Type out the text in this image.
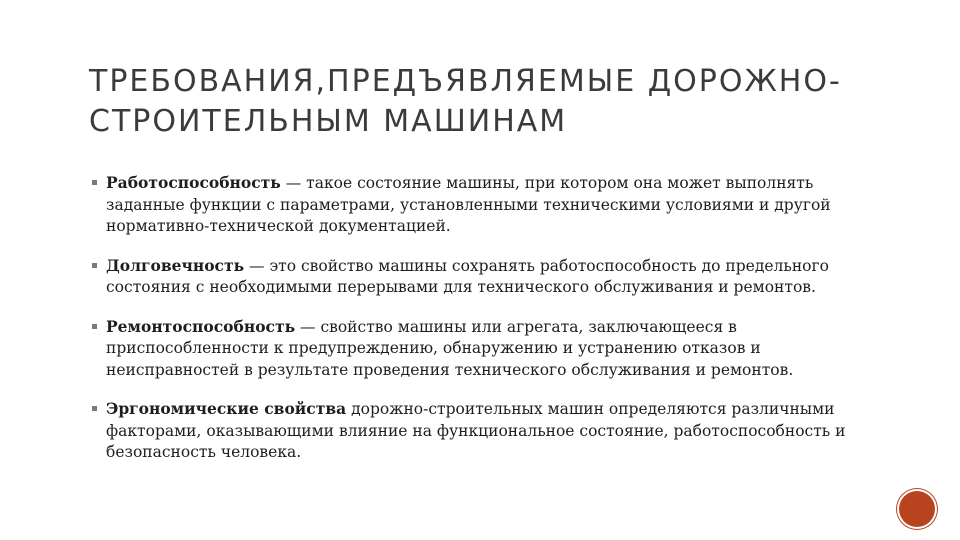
ТРЕБОВАНИЯ,ПРЕДЪЯВЛЯЕМЫЕ ДОРОЖНО-
СТРОИТЕЛЬНЫМ МАШИНАМ
Работоспособность — такое состояние машины, при котором она может выполнять заданные функции с параметрами, установленными техническими условиями и другой нормативно-технической документацией.
Долговечность — это свойство машины сохранять работоспособность до предельного состояния с необходимыми перерывами для технического обслуживания и ремонтов.
Ремонтоспособность — свойство машины или агрегата, заключающееся в приспособленности к предупреждению, обнаружению и устранению отказов и неисправностей в результате проведения технического обслуживания и ремонтов.
Эргономические свойства дорожно-строительных машин определяются различными факторами, оказывающими влияние на функциональное состояние, работоспособность и безопасность человека.
